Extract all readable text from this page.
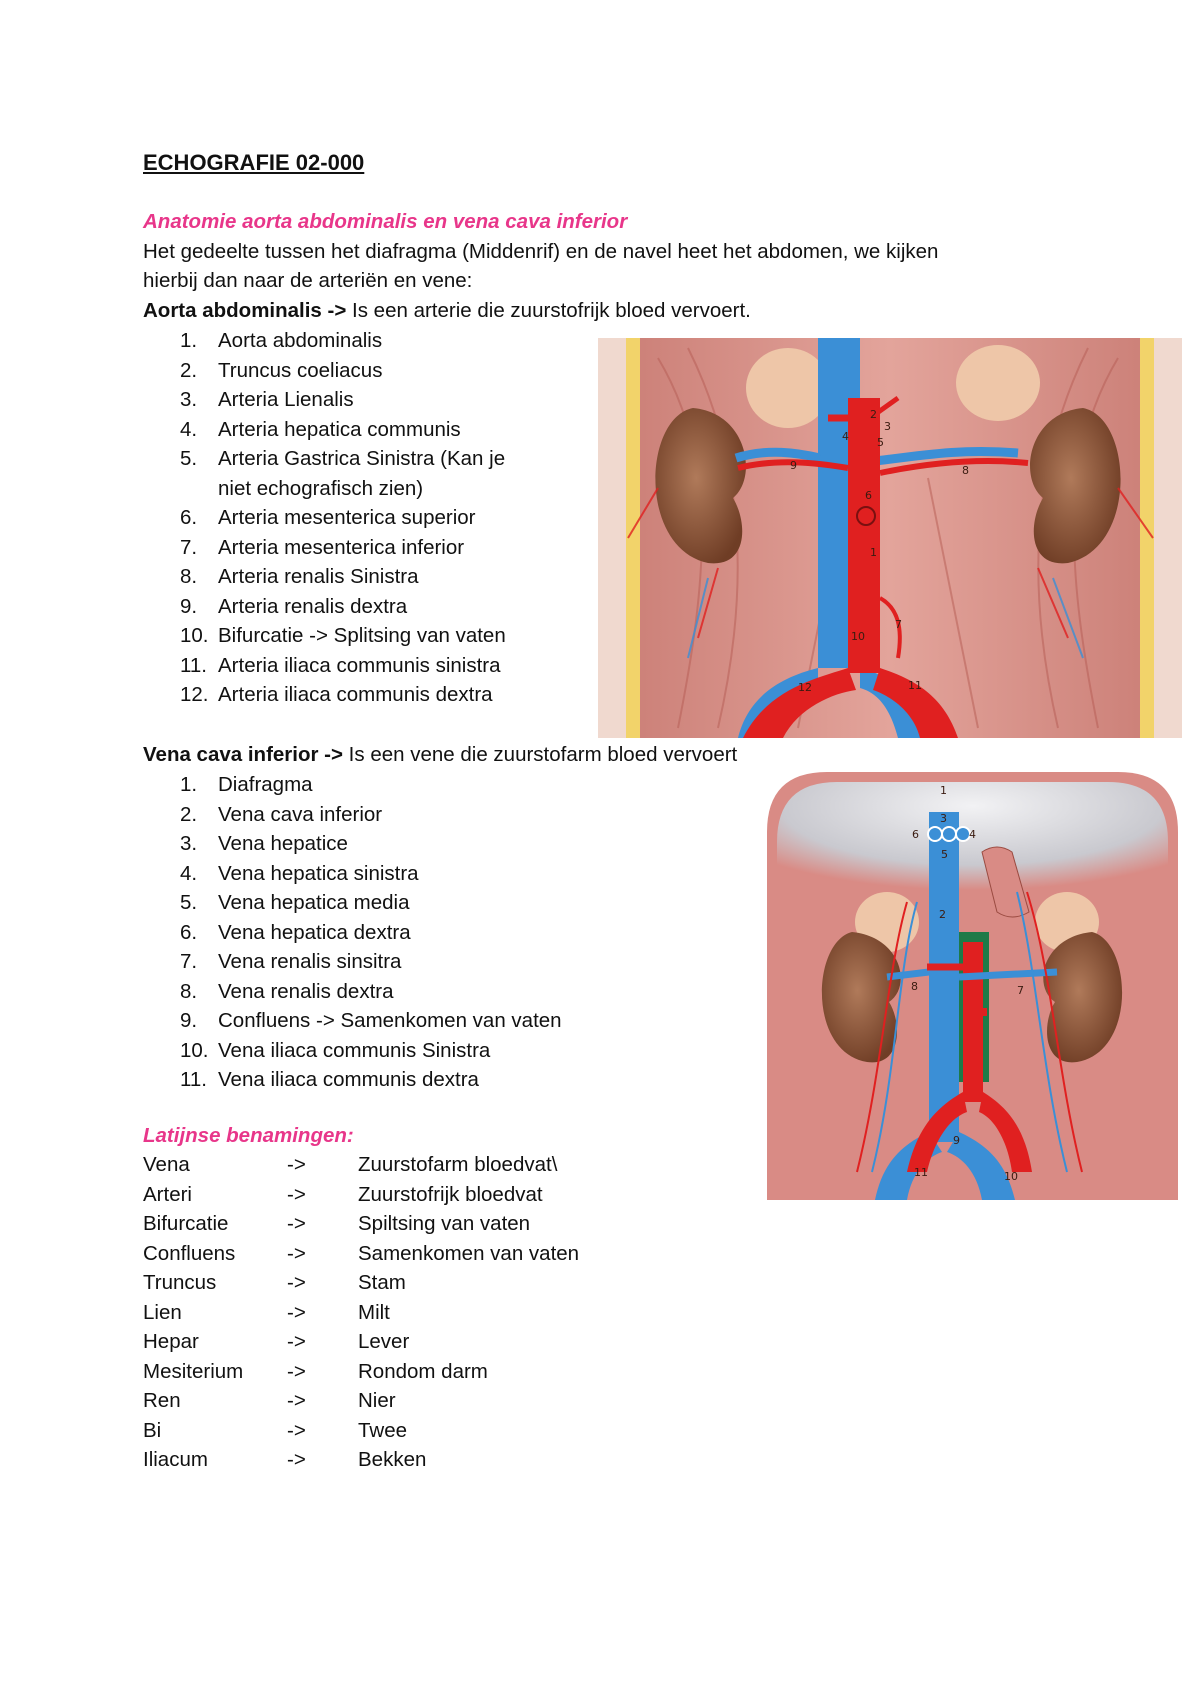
ECHOGRAFIE 02-000
Anatomie aorta abdominalis en vena cava inferior
Het gedeelte tussen het diafragma (Middenrif) en de navel heet het abdomen, we kijken
hierbij dan naar de arteriën en vene:
Aorta abdominalis -> Is een arterie die zuurstofrijk bloed vervoert.
1. Aorta abdominalis
2. Truncus coeliacus
3. Arteria Lienalis
4. Arteria hepatica communis
5. Arteria Gastrica Sinistra (Kan je niet echografisch zien)
6. Arteria mesenterica superior
7. Arteria mesenterica inferior
8. Arteria renalis Sinistra
9. Arteria renalis dextra
10. Bifurcatie -> Splitsing van vaten
11. Arteria iliaca communis sinistra
12. Arteria iliaca communis dextra
Vena cava inferior -> Is een vene die zuurstofarm bloed vervoert
1. Diafragma
2. Vena cava inferior
3. Vena hepatice
4. Vena hepatica sinistra
5. Vena hepatica media
6. Vena hepatica dextra
7. Vena renalis sinsitra
8. Vena renalis dextra
9. Confluens -> Samenkomen van vaten
10. Vena iliaca communis Sinistra
11. Vena iliaca communis dextra
Latijnse benamingen:
Vena	->	Zuurstofarm bloedvat\
Arteri	->	Zuurstofrijk bloedvat
Bifurcatie	->	Spiltsing van vaten
Confluens	->	Samenkomen van vaten
Truncus	->	Stam
Lien	->	Milt
Hepar	->	Lever
Mesiterium ->	Rondom darm
Ren	->	Nier
Bi	->	Twee
Iliacum	->	Bekken
1
2
3
4	5
6
7
8
9
10
11
12
1
2
3
4
5
6
7
8
9
10
11
